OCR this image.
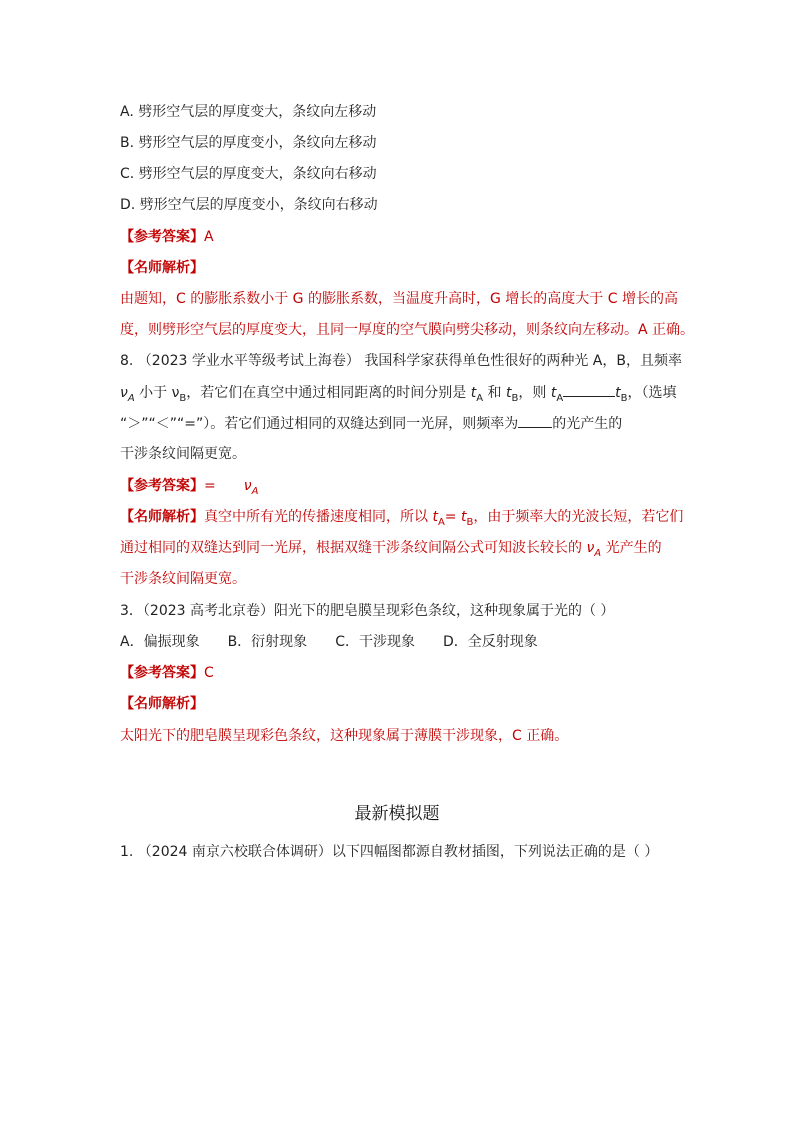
A. 劈形空气层的厚度变大，条纹向左移动
B. 劈形空气层的厚度变小，条纹向左移动
C. 劈形空气层的厚度变大，条纹向右移动
D. 劈形空气层的厚度变小，条纹向右移动
【参考答案】A
【名师解析】
由题知，C 的膨胀系数小于 G 的膨胀系数，当温度升高时，G 增长的高度大于 C 增长的高
度，则劈形空气层的厚度变大，且同一厚度的空气膜向劈尖移动，则条纹向左移动。A 正确。
8. （2023 学业水平等级考试上海卷） 我国科学家获得单色性很好的两种光 A，B，且频率
$\nu_A$ 小于 $\nu_B$，若它们在真空中通过相同距离的时间分别是 $t_A$ 和 $t_B$，则 $t_A$	$t_B$，（选填
“＞”“＜”“=”）。若它们通过相同的双缝达到同一光屏，则频率为 的光产生的
干涉条纹间隔更宽。
【参考答案】= $\nu_A$
【名师解析】真空中所有光的传播速度相同，所以 $t_A= t_B$，由于频率大的光波长短，若它们
通过相同的双缝达到同一光屏，根据双缝干涉条纹间隔公式可知波长较长的 $\nu_A$ 光产生的
干涉条纹间隔更宽。
3．（2023 高考北京卷）阳光下的肥皂膜呈现彩色条纹，这种现象属于光的（ ）
A．偏振现象 B．衍射现象 C．干涉现象 D．全反射现象
【参考答案】C
【名师解析】
太阳光下的肥皂膜呈现彩色条纹，这种现象属于薄膜干涉现象，C 正确。
最新模拟题
1. （2024 南京六校联合体调研）以下四幅图都源自教材插图，下列说法正确的是（ ）
